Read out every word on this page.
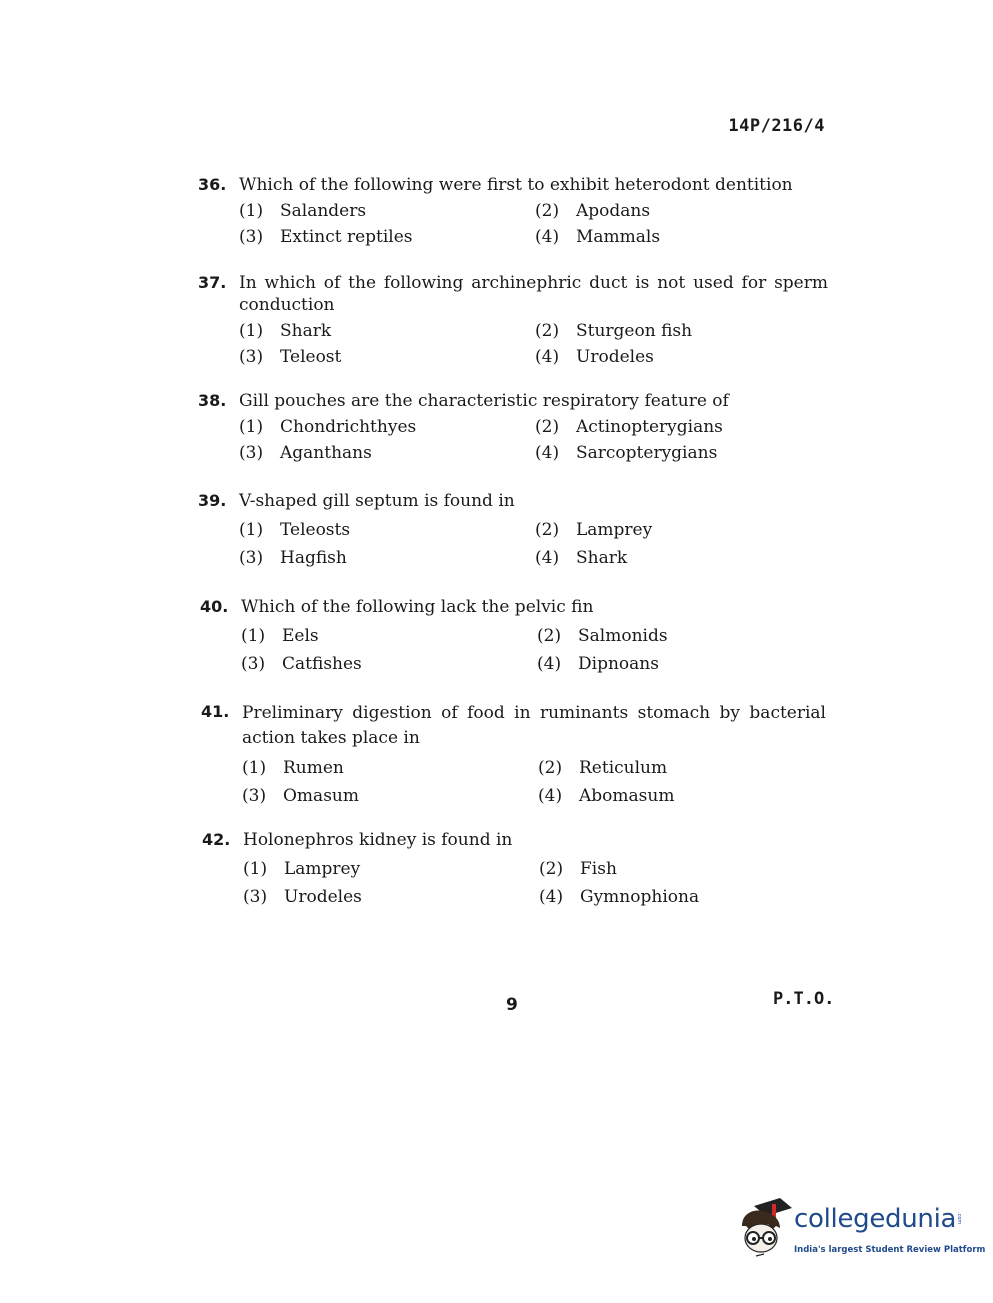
14P/216/4
36. Which of the following were first to exhibit heterodont dentition
(1) Salanders	(2) Apodans
(3) Extinct reptiles	(4) Mammals
37. In which of the following archinephric duct is not used for sperm conduction
(1) Shark	(2) Sturgeon fish
(3) Teleost	(4) Urodeles
38. Gill pouches are the characteristic respiratory feature of
(1) Chondrichthyes	(2) Actinopterygians
(3) Aganthans	(4) Sarcopterygians
39. V-shaped gill septum is found in
(1) Teleosts	(2) Lamprey
(3) Hagfish	(4) Shark
40. Which of the following lack the pelvic fin
(1) Eels	(2) Salmonids
(3) Catfishes	(4) Dipnoans
41. Preliminary digestion of food in ruminants stomach by bacterial action takes place in
(1) Rumen	(2) Reticulum
(3) Omasum	(4) Abomasum
42. Holonephros kidney is found in
(1) Lamprey	(2) Fish
(3) Urodeles	(4) Gymnophiona
9	P.T.O.
collegedunia .com
India's largest Student Review Platform
